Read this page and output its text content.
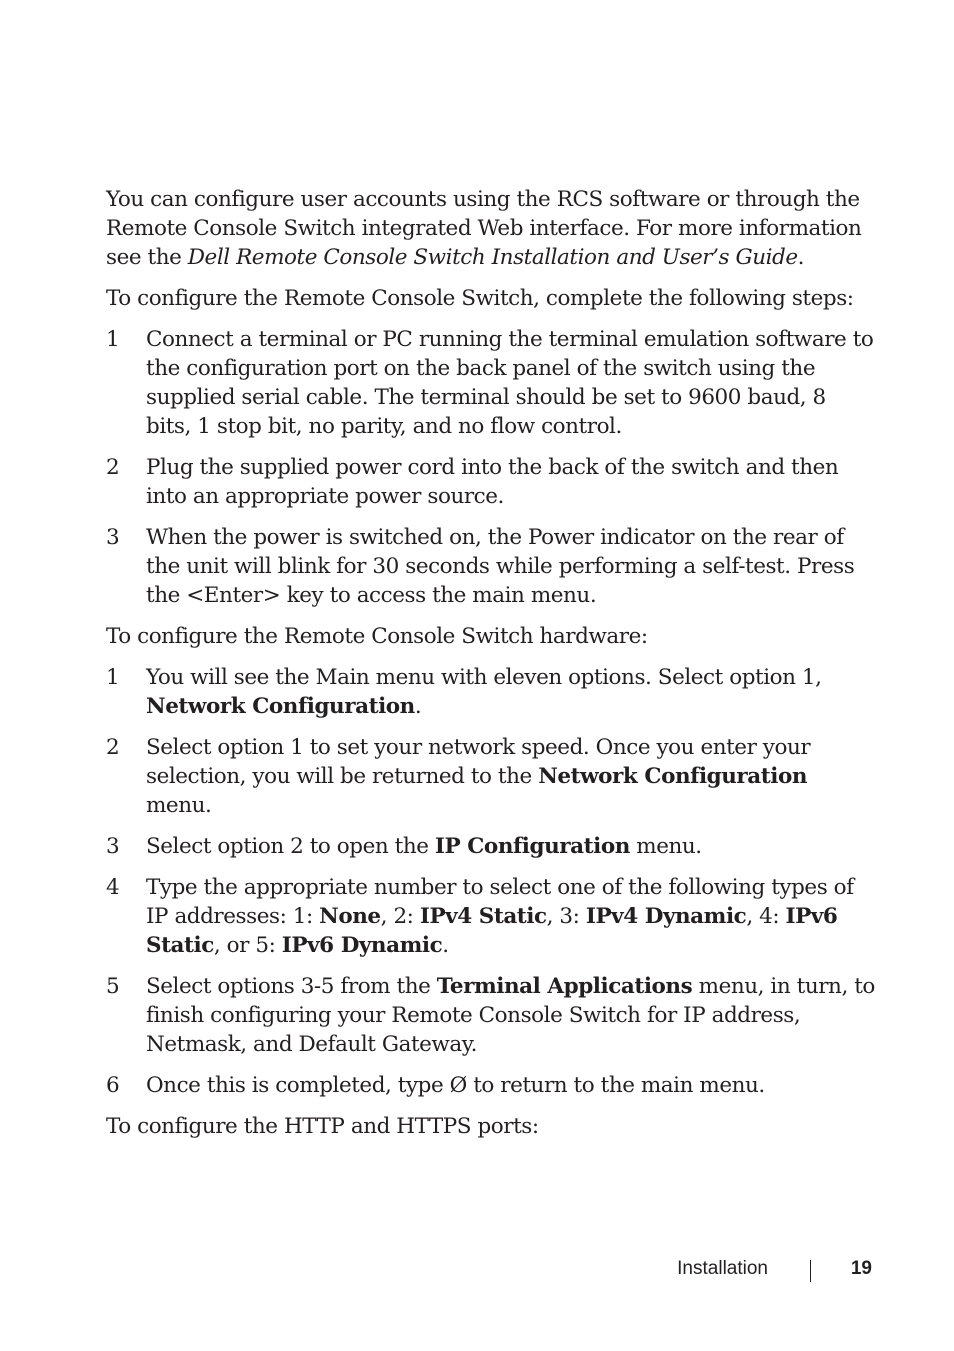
You can configure user accounts using the RCS software or through the Remote Console Switch integrated Web interface. For more information see the Dell Remote Console Switch Installation and User’s Guide.

To configure the Remote Console Switch, complete the following steps:

1	Connect a terminal or PC running the terminal emulation software to the configuration port on the back panel of the switch using the supplied serial cable. The terminal should be set to 9600 baud, 8 bits, 1 stop bit, no parity, and no flow control.
2	Plug the supplied power cord into the back of the switch and then into an appropriate power source.
3	When the power is switched on, the Power indicator on the rear of the unit will blink for 30 seconds while performing a self-test. Press the <Enter> key to access the main menu.

To configure the Remote Console Switch hardware:

1	You will see the Main menu with eleven options. Select option 1, Network Configuration.
2	Select option 1 to set your network speed. Once you enter your selection, you will be returned to the Network Configuration menu.
3	Select option 2 to open the IP Configuration menu.
4	Type the appropriate number to select one of the following types of IP addresses: 1: None, 2: IPv4 Static, 3: IPv4 Dynamic, 4: IPv6 Static, or 5: IPv6 Dynamic.
5	Select options 3-5 from the Terminal Applications menu, in turn, to finish configuring your Remote Console Switch for IP address, Netmask, and Default Gateway.
6	Once this is completed, type Ø to return to the main menu.

To configure the HTTP and HTTPS ports:

Installation	19
